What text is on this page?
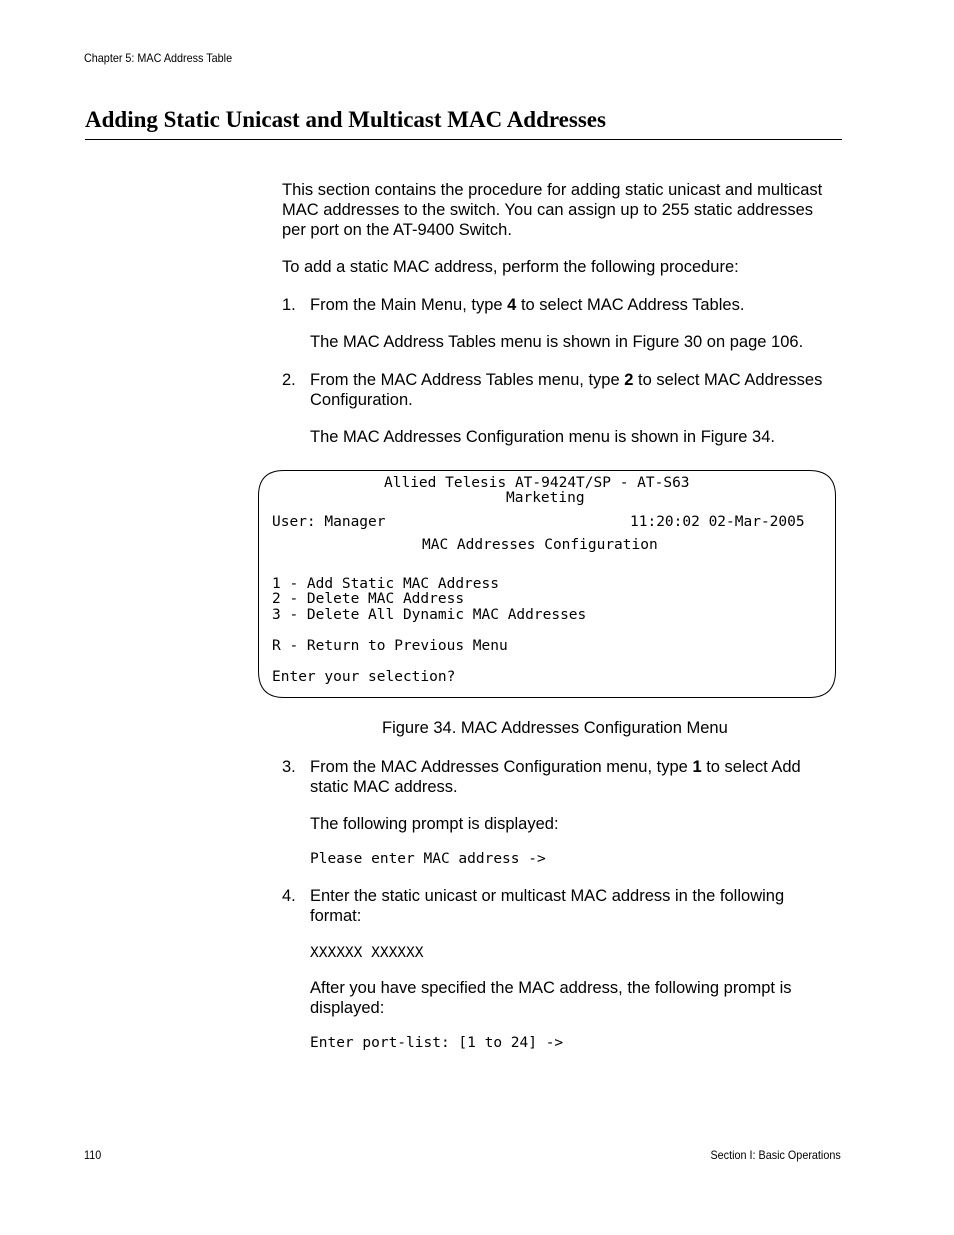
Chapter 5: MAC Address Table
Adding Static Unicast and Multicast MAC Addresses
This section contains the procedure for adding static unicast and multicast
MAC addresses to the switch. You can assign up to 255 static addresses
per port on the AT-9400 Switch.
To add a static MAC address, perform the following procedure:
1. From the Main Menu, type 4 to select MAC Address Tables.
The MAC Address Tables menu is shown in Figure 30 on page 106.
2. From the MAC Address Tables menu, type 2 to select MAC Addresses
Configuration.
The MAC Addresses Configuration menu is shown in Figure 34.
Allied Telesis AT-9424T/SP - AT-S63
Marketing
User: Manager	11:20:02 02-Mar-2005
MAC Addresses Configuration
1 - Add Static MAC Address
2 - Delete MAC Address
3 - Delete All Dynamic MAC Addresses
R - Return to Previous Menu
Enter your selection?
Figure 34. MAC Addresses Configuration Menu
3. From the MAC Addresses Configuration menu, type 1 to select Add
static MAC address.
The following prompt is displayed:
Please enter MAC address ->
4. Enter the static unicast or multicast MAC address in the following
format:
XXXXXX XXXXXX
After you have specified the MAC address, the following prompt is
displayed:
Enter port-list: [1 to 24] ->
110	Section I: Basic Operations
